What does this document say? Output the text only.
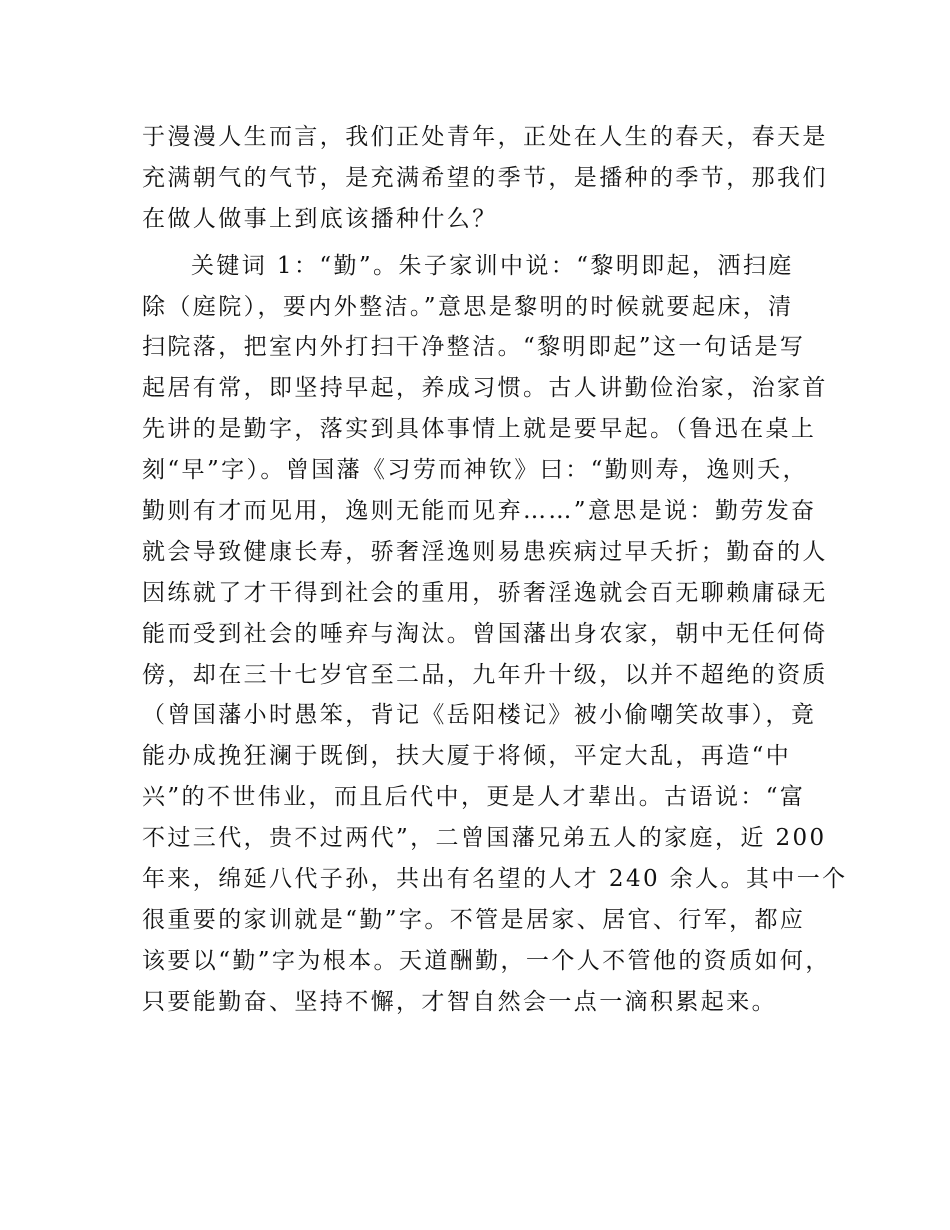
于漫漫人生而言，我们正处青年，正处在人生的春天，春天是
充满朝气的气节，是充满希望的季节，是播种的季节，那我们
在做人做事上到底该播种什么？

关键词 1：“勤”。朱子家训中说：“黎明即起，洒扫庭
除（庭院），要内外整洁。”意思是黎明的时候就要起床，清
扫院落，把室内外打扫干净整洁。“黎明即起”这一句话是写
起居有常，即坚持早起，养成习惯。古人讲勤俭治家，治家首
先讲的是勤字，落实到具体事情上就是要早起。（鲁迅在桌上
刻“早”字）。曾国藩《习劳而神钦》曰：“勤则寿，逸则夭，
勤则有才而见用，逸则无能而见弃……”意思是说：勤劳发奋
就会导致健康长寿，骄奢淫逸则易患疾病过早夭折；勤奋的人
因练就了才干得到社会的重用，骄奢淫逸就会百无聊赖庸碌无
能而受到社会的唾弃与淘汰。曾国藩出身农家，朝中无任何倚
傍，却在三十七岁官至二品，九年升十级，以并不超绝的资质
（曾国藩小时愚笨，背记《岳阳楼记》被小偷嘲笑故事），竟
能办成挽狂澜于既倒，扶大厦于将倾，平定大乱，再造“中
兴”的不世伟业，而且后代中，更是人才辈出。古语说：“富
不过三代，贵不过两代”，二曾国藩兄弟五人的家庭，近 200
年来，绵延八代子孙，共出有名望的人才 240 余人。其中一个
很重要的家训就是“勤”字。不管是居家、居官、行军，都应
该要以“勤”字为根本。天道酬勤，一个人不管他的资质如何，
只要能勤奋、坚持不懈，才智自然会一点一滴积累起来。
